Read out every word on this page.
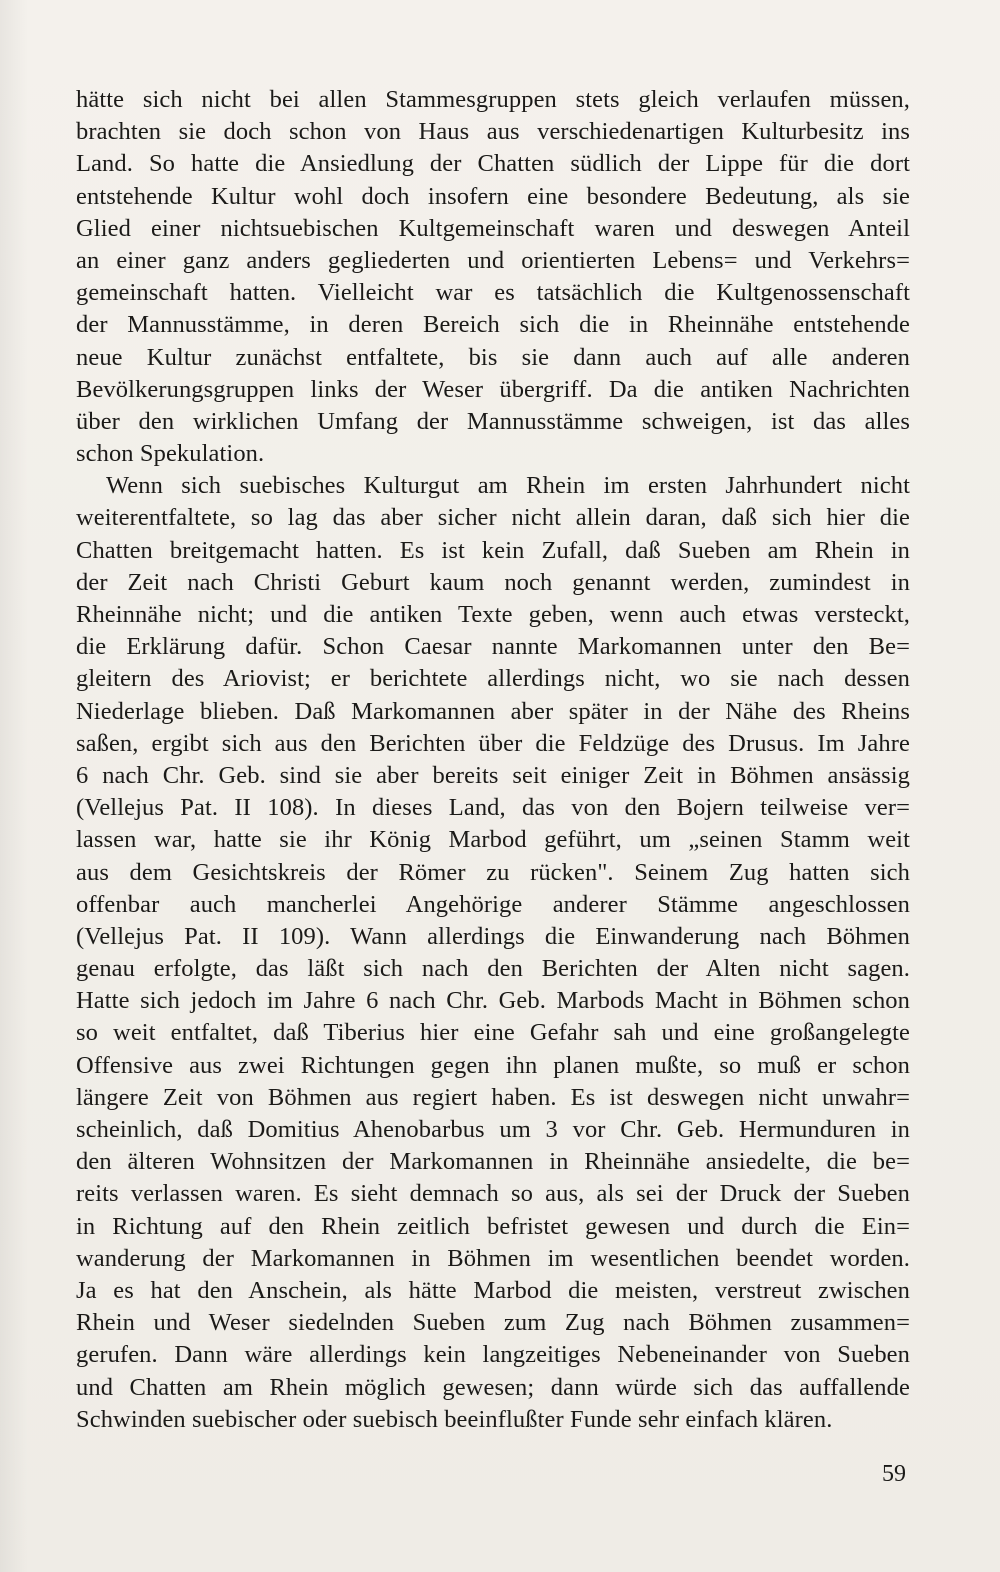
hätte sich nicht bei allen Stammesgruppen stets gleich verlaufen müssen,
brachten sie doch schon von Haus aus verschiedenartigen Kulturbesitz ins
Land. So hatte die Ansiedlung der Chatten südlich der Lippe für die dort
entstehende Kultur wohl doch insofern eine besondere Bedeutung, als sie
Glied einer nichtsuebischen Kultgemeinschaft waren und deswegen Anteil
an einer ganz anders gegliederten und orientierten Lebens= und Verkehrs=
gemeinschaft hatten. Vielleicht war es tatsächlich die Kultgenossenschaft
der Mannusstämme, in deren Bereich sich die in Rheinnähe entstehende
neue Kultur zunächst entfaltete, bis sie dann auch auf alle anderen
Bevölkerungsgruppen links der Weser übergriff. Da die antiken Nachrichten
über den wirklichen Umfang der Mannusstämme schweigen, ist das alles
schon Spekulation.
Wenn sich suebisches Kulturgut am Rhein im ersten Jahrhundert nicht
weiterentfaltete, so lag das aber sicher nicht allein daran, daß sich hier die
Chatten breitgemacht hatten. Es ist kein Zufall, daß Sueben am Rhein in
der Zeit nach Christi Geburt kaum noch genannt werden, zumindest in
Rheinnähe nicht; und die antiken Texte geben, wenn auch etwas versteckt,
die Erklärung dafür. Schon Caesar nannte Markomannen unter den Be=
gleitern des Ariovist; er berichtete allerdings nicht, wo sie nach dessen
Niederlage blieben. Daß Markomannen aber später in der Nähe des Rheins
saßen, ergibt sich aus den Berichten über die Feldzüge des Drusus. Im Jahre
6 nach Chr. Geb. sind sie aber bereits seit einiger Zeit in Böhmen ansässig
(Vellejus Pat. II 108). In dieses Land, das von den Bojern teilweise ver=
lassen war, hatte sie ihr König Marbod geführt, um „seinen Stamm weit
aus dem Gesichtskreis der Römer zu rücken". Seinem Zug hatten sich
offenbar auch mancherlei Angehörige anderer Stämme angeschlossen
(Vellejus Pat. II 109). Wann allerdings die Einwanderung nach Böhmen
genau erfolgte, das läßt sich nach den Berichten der Alten nicht sagen.
Hatte sich jedoch im Jahre 6 nach Chr. Geb. Marbods Macht in Böhmen schon
so weit entfaltet, daß Tiberius hier eine Gefahr sah und eine großangelegte
Offensive aus zwei Richtungen gegen ihn planen mußte, so muß er schon
längere Zeit von Böhmen aus regiert haben. Es ist deswegen nicht unwahr=
scheinlich, daß Domitius Ahenobarbus um 3 vor Chr. Geb. Hermunduren in
den älteren Wohnsitzen der Markomannen in Rheinnähe ansiedelte, die be=
reits verlassen waren. Es sieht demnach so aus, als sei der Druck der Sueben
in Richtung auf den Rhein zeitlich befristet gewesen und durch die Ein=
wanderung der Markomannen in Böhmen im wesentlichen beendet worden.
Ja es hat den Anschein, als hätte Marbod die meisten, verstreut zwischen
Rhein und Weser siedelnden Sueben zum Zug nach Böhmen zusammen=
gerufen. Dann wäre allerdings kein langzeitiges Nebeneinander von Sueben
und Chatten am Rhein möglich gewesen; dann würde sich das auffallende
Schwinden suebischer oder suebisch beeinflußter Funde sehr einfach klären.
59
